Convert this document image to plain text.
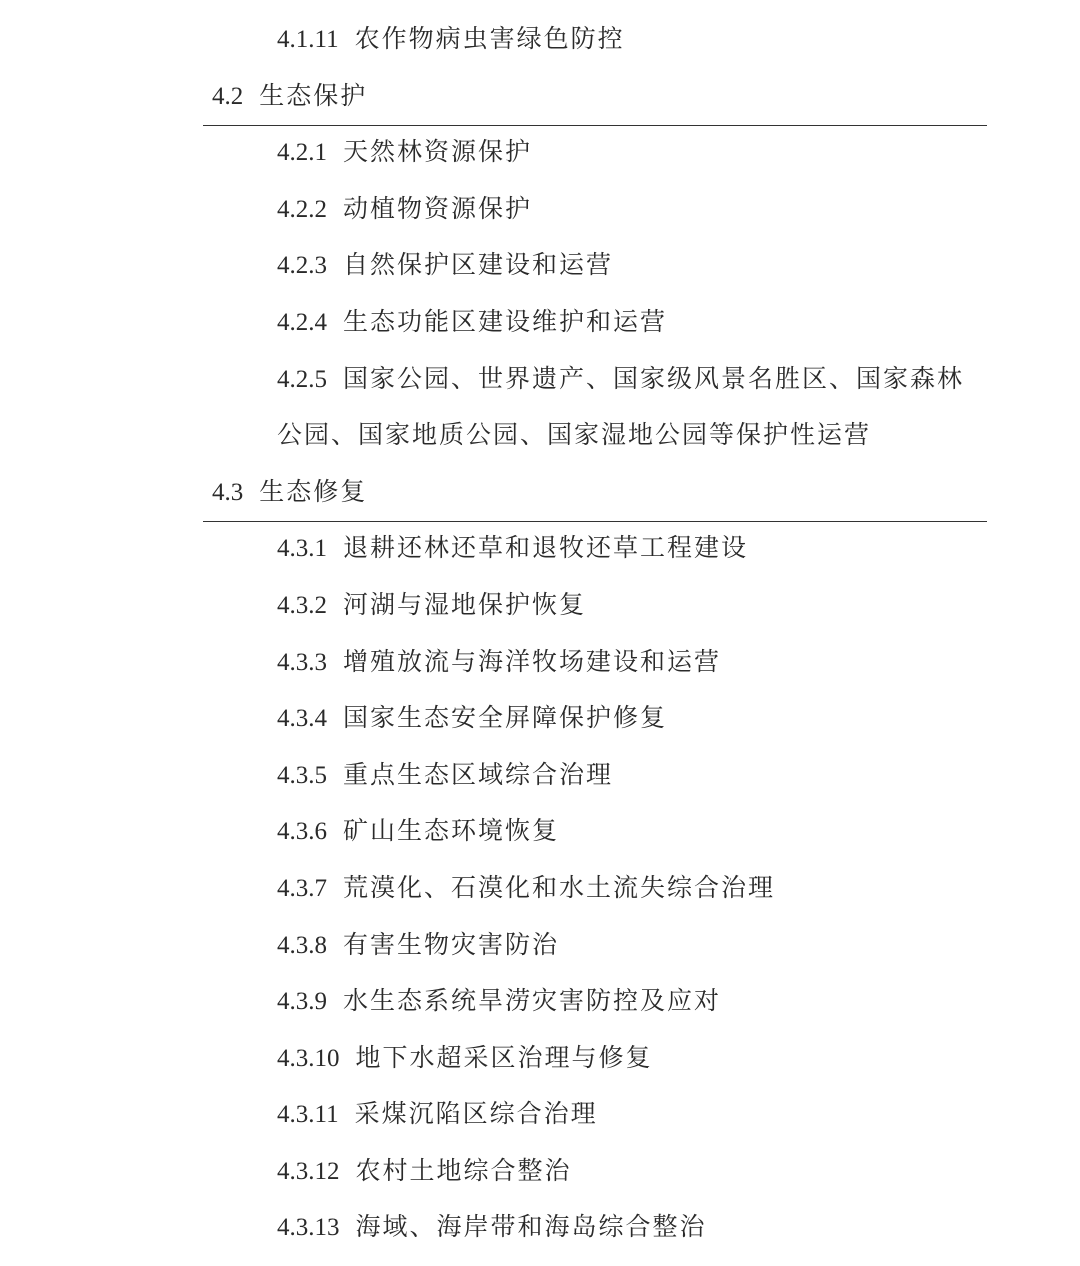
4.1.11 农作物病虫害绿色防控
4.2 生态保护
4.2.1 天然林资源保护
4.2.2 动植物资源保护
4.2.3 自然保护区建设和运营
4.2.4 生态功能区建设维护和运营
4.2.5 国家公园、世界遗产、国家级风景名胜区、国家森林公园、国家地质公园、国家湿地公园等保护性运营
4.3 生态修复
4.3.1 退耕还林还草和退牧还草工程建设
4.3.2 河湖与湿地保护恢复
4.3.3 增殖放流与海洋牧场建设和运营
4.3.4 国家生态安全屏障保护修复
4.3.5 重点生态区域综合治理
4.3.6 矿山生态环境恢复
4.3.7 荒漠化、石漠化和水土流失综合治理
4.3.8 有害生物灾害防治
4.3.9 水生态系统旱涝灾害防控及应对
4.3.10 地下水超采区治理与修复
4.3.11 采煤沉陷区综合治理
4.3.12 农村土地综合整治
4.3.13 海域、海岸带和海岛综合整治
